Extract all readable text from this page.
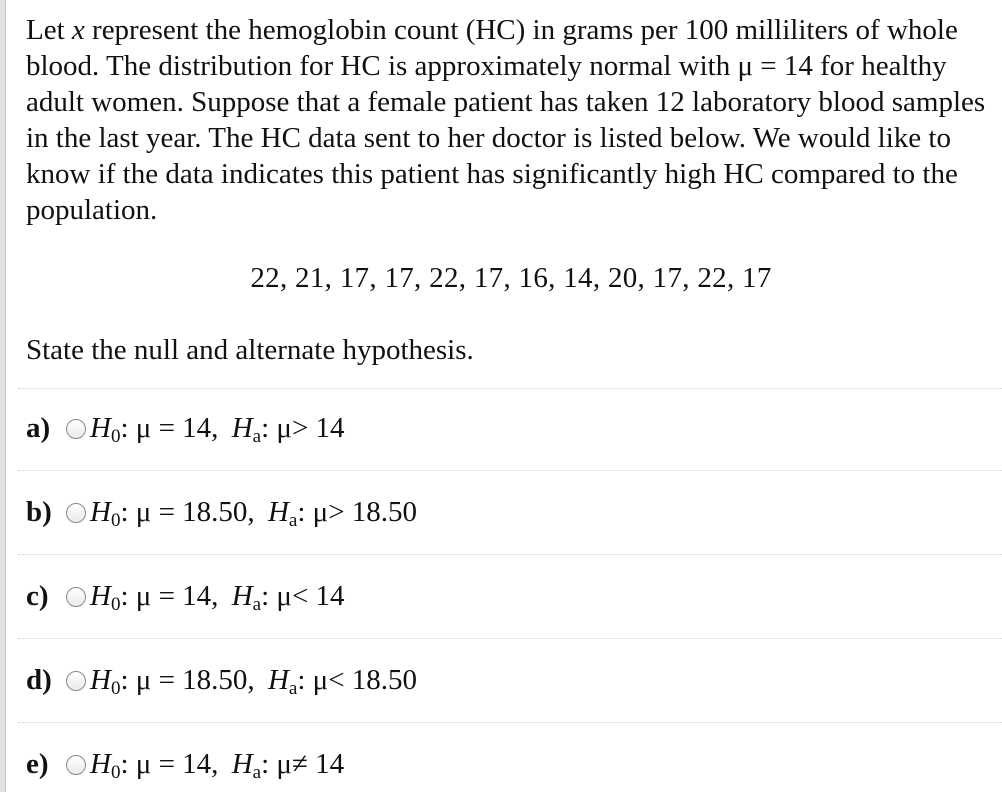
Let x represent the hemoglobin count (HC) in grams per 100 milliliters of whole blood. The distribution for HC is approximately normal with μ = 14 for healthy adult women. Suppose that a female patient has taken 12 laboratory blood samples in the last year. The HC data sent to her doctor is listed below. We would like to know if the data indicates this patient has significantly high HC compared to the population.

22, 21, 17, 17, 22, 17, 16, 14, 20, 17, 22, 17
State the null and alternate hypothesis.
a)	$H_0$: μ = 14, $H_a$: μ> 14
b)	$H_0$: μ = 18.50, $H_a$: μ> 18.50
c)	$H_0$: μ = 14, $H_a$: μ< 14
d)	$H_0$: μ = 18.50, $H_a$: μ< 18.50
e)	$H_0$: μ = 14, $H_a$: μ≠ 14
